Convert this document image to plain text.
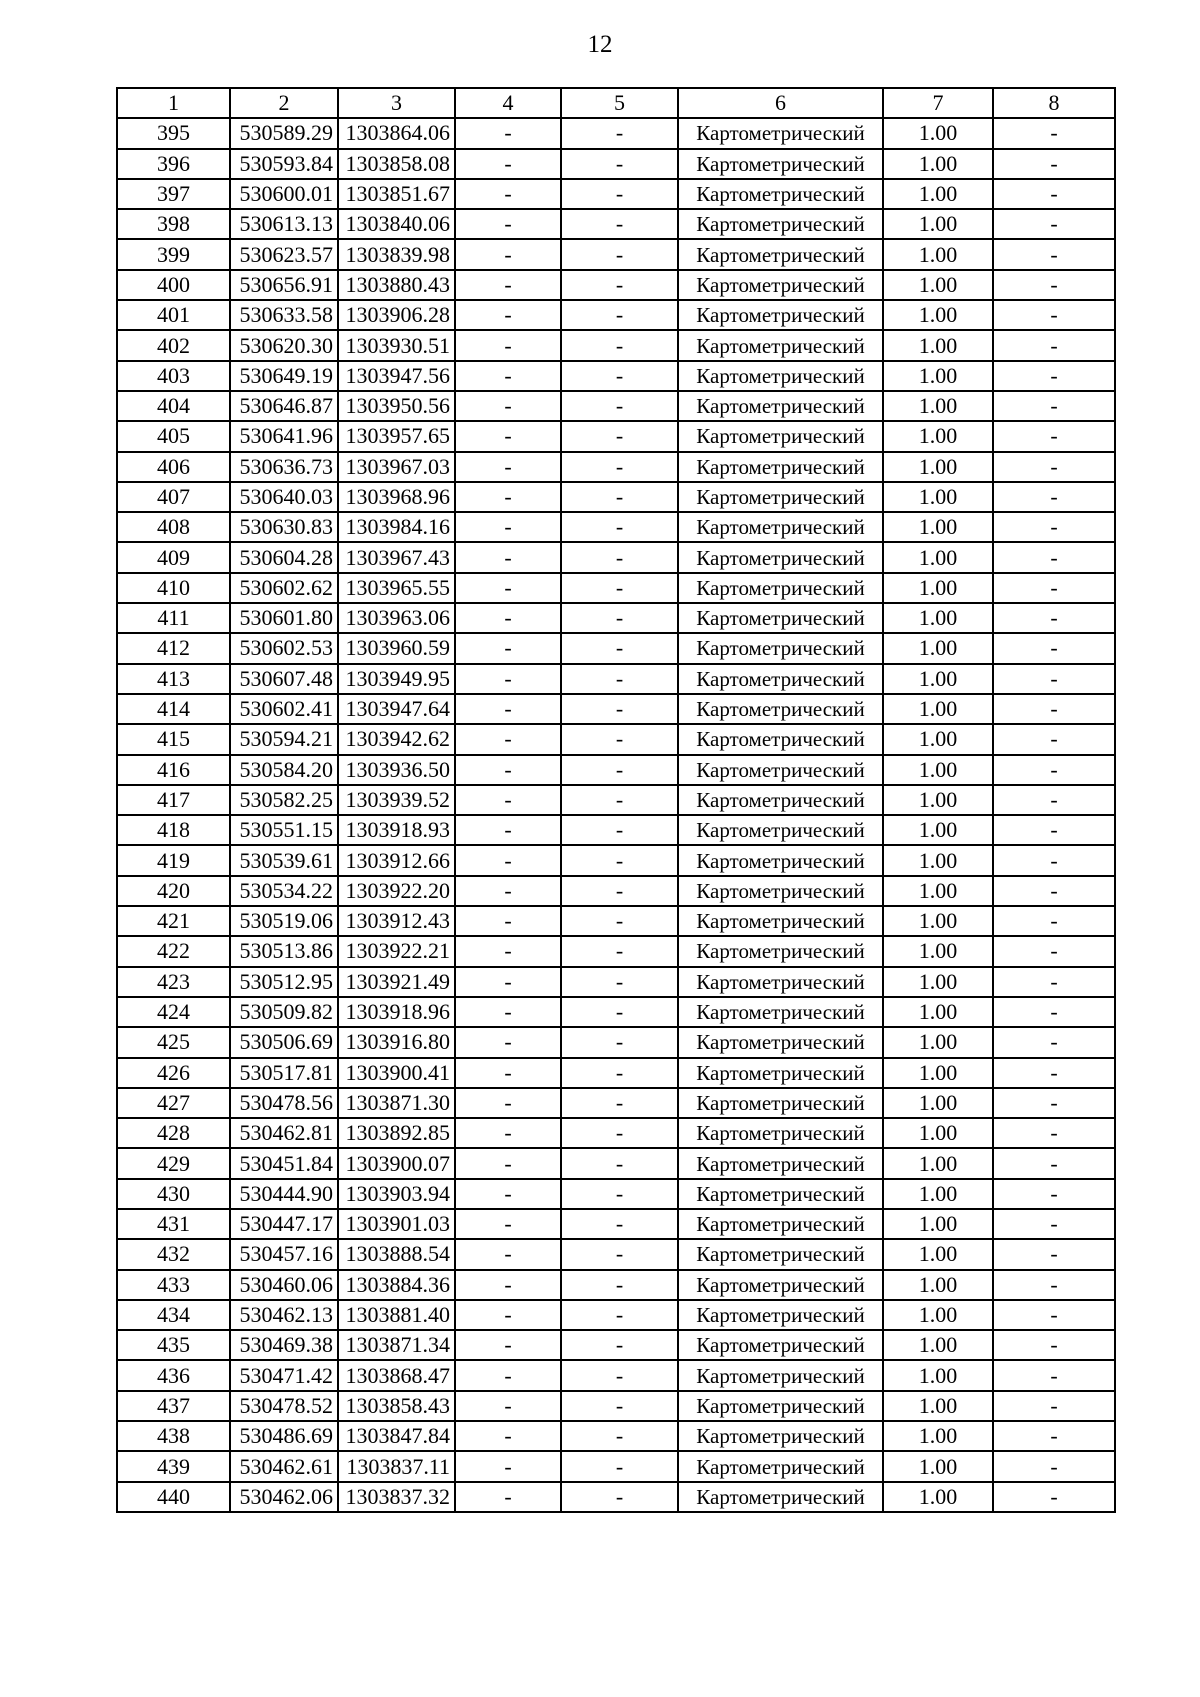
12
1	2	3	4	5	6	7	8
395	530589.29	1303864.06	-	-	Картометрический	1.00	-
396	530593.84	1303858.08	-	-	Картометрический	1.00	-
397	530600.01	1303851.67	-	-	Картометрический	1.00	-
398	530613.13	1303840.06	-	-	Картометрический	1.00	-
399	530623.57	1303839.98	-	-	Картометрический	1.00	-
400	530656.91	1303880.43	-	-	Картометрический	1.00	-
401	530633.58	1303906.28	-	-	Картометрический	1.00	-
402	530620.30	1303930.51	-	-	Картометрический	1.00	-
403	530649.19	1303947.56	-	-	Картометрический	1.00	-
404	530646.87	1303950.56	-	-	Картометрический	1.00	-
405	530641.96	1303957.65	-	-	Картометрический	1.00	-
406	530636.73	1303967.03	-	-	Картометрический	1.00	-
407	530640.03	1303968.96	-	-	Картометрический	1.00	-
408	530630.83	1303984.16	-	-	Картометрический	1.00	-
409	530604.28	1303967.43	-	-	Картометрический	1.00	-
410	530602.62	1303965.55	-	-	Картометрический	1.00	-
411	530601.80	1303963.06	-	-	Картометрический	1.00	-
412	530602.53	1303960.59	-	-	Картометрический	1.00	-
413	530607.48	1303949.95	-	-	Картометрический	1.00	-
414	530602.41	1303947.64	-	-	Картометрический	1.00	-
415	530594.21	1303942.62	-	-	Картометрический	1.00	-
416	530584.20	1303936.50	-	-	Картометрический	1.00	-
417	530582.25	1303939.52	-	-	Картометрический	1.00	-
418	530551.15	1303918.93	-	-	Картометрический	1.00	-
419	530539.61	1303912.66	-	-	Картометрический	1.00	-
420	530534.22	1303922.20	-	-	Картометрический	1.00	-
421	530519.06	1303912.43	-	-	Картометрический	1.00	-
422	530513.86	1303922.21	-	-	Картометрический	1.00	-
423	530512.95	1303921.49	-	-	Картометрический	1.00	-
424	530509.82	1303918.96	-	-	Картометрический	1.00	-
425	530506.69	1303916.80	-	-	Картометрический	1.00	-
426	530517.81	1303900.41	-	-	Картометрический	1.00	-
427	530478.56	1303871.30	-	-	Картометрический	1.00	-
428	530462.81	1303892.85	-	-	Картометрический	1.00	-
429	530451.84	1303900.07	-	-	Картометрический	1.00	-
430	530444.90	1303903.94	-	-	Картометрический	1.00	-
431	530447.17	1303901.03	-	-	Картометрический	1.00	-
432	530457.16	1303888.54	-	-	Картометрический	1.00	-
433	530460.06	1303884.36	-	-	Картометрический	1.00	-
434	530462.13	1303881.40	-	-	Картометрический	1.00	-
435	530469.38	1303871.34	-	-	Картометрический	1.00	-
436	530471.42	1303868.47	-	-	Картометрический	1.00	-
437	530478.52	1303858.43	-	-	Картометрический	1.00	-
438	530486.69	1303847.84	-	-	Картометрический	1.00	-
439	530462.61	1303837.11	-	-	Картометрический	1.00	-
440	530462.06	1303837.32	-	-	Картометрический	1.00	-
